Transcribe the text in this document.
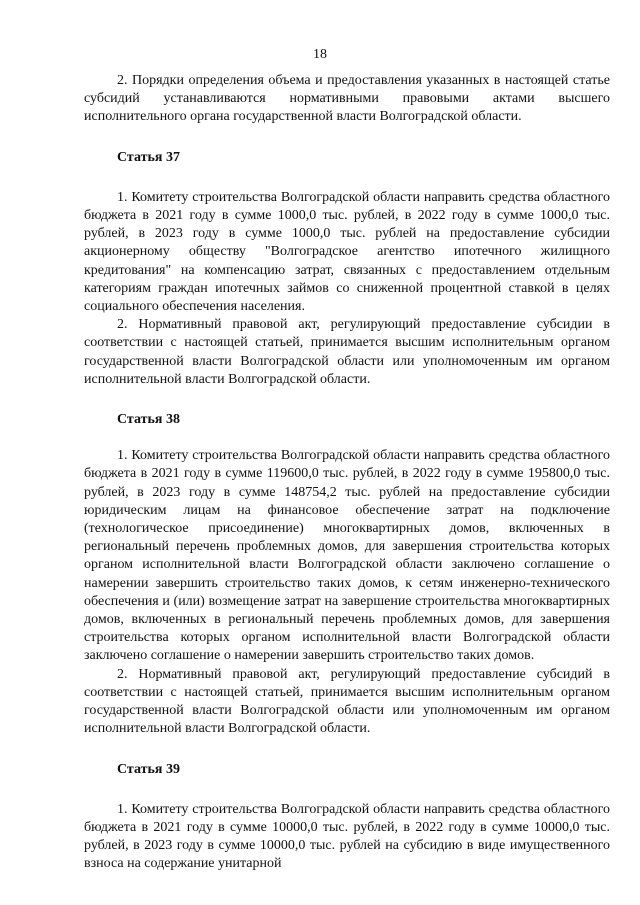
18

2. Порядки определения объема и предоставления указанных в настоящей статье субсидий устанавливаются нормативными правовыми актами высшего исполнительного органа государственной власти Волгоградской области.

Статья 37

1. Комитету строительства Волгоградской области направить средства областного бюджета в 2021 году в сумме 1000,0 тыс. рублей, в 2022 году в сумме 1000,0 тыс. рублей, в 2023 году в сумме 1000,0 тыс. рублей на предоставление субсидии акционерному обществу "Волгоградское агентство ипотечного жилищного кредитования" на компенсацию затрат, связанных с предоставлением отдельным категориям граждан ипотечных займов со сниженной процентной ставкой в целях социального обеспечения населения.

2. Нормативный правовой акт, регулирующий предоставление субсидии в соответствии с настоящей статьей, принимается высшим исполнительным органом государственной власти Волгоградской области или уполномоченным им органом исполнительной власти Волгоградской области.

Статья 38

1. Комитету строительства Волгоградской области направить средства областного бюджета в 2021 году в сумме 119600,0 тыс. рублей, в 2022 году в сумме 195800,0 тыс. рублей, в 2023 году в сумме 148754,2 тыс. рублей на предоставление субсидии юридическим лицам на финансовое обеспечение затрат на подключение (технологическое присоединение) многоквартирных домов, включенных в региональный перечень проблемных домов, для завершения строительства которых органом исполнительной власти Волгоградской области заключено соглашение о намерении завершить строительство таких домов, к сетям инженерно-технического обеспечения и (или) возмещение затрат на завершение строительства многоквартирных домов, включенных в региональный перечень проблемных домов, для завершения строительства которых органом исполнительной власти Волгоградской области заключено соглашение о намерении завершить строительство таких домов.

2. Нормативный правовой акт, регулирующий предоставление субсидий в соответствии с настоящей статьей, принимается высшим исполнительным органом государственной власти Волгоградской области или уполномоченным им органом исполнительной власти Волгоградской области.

Статья 39

1. Комитету строительства Волгоградской области направить средства областного бюджета в 2021 году в сумме 10000,0 тыс. рублей, в 2022 году в сумме 10000,0 тыс. рублей, в 2023 году в сумме 10000,0 тыс. рублей на субсидию в виде имущественного взноса на содержание унитарной
